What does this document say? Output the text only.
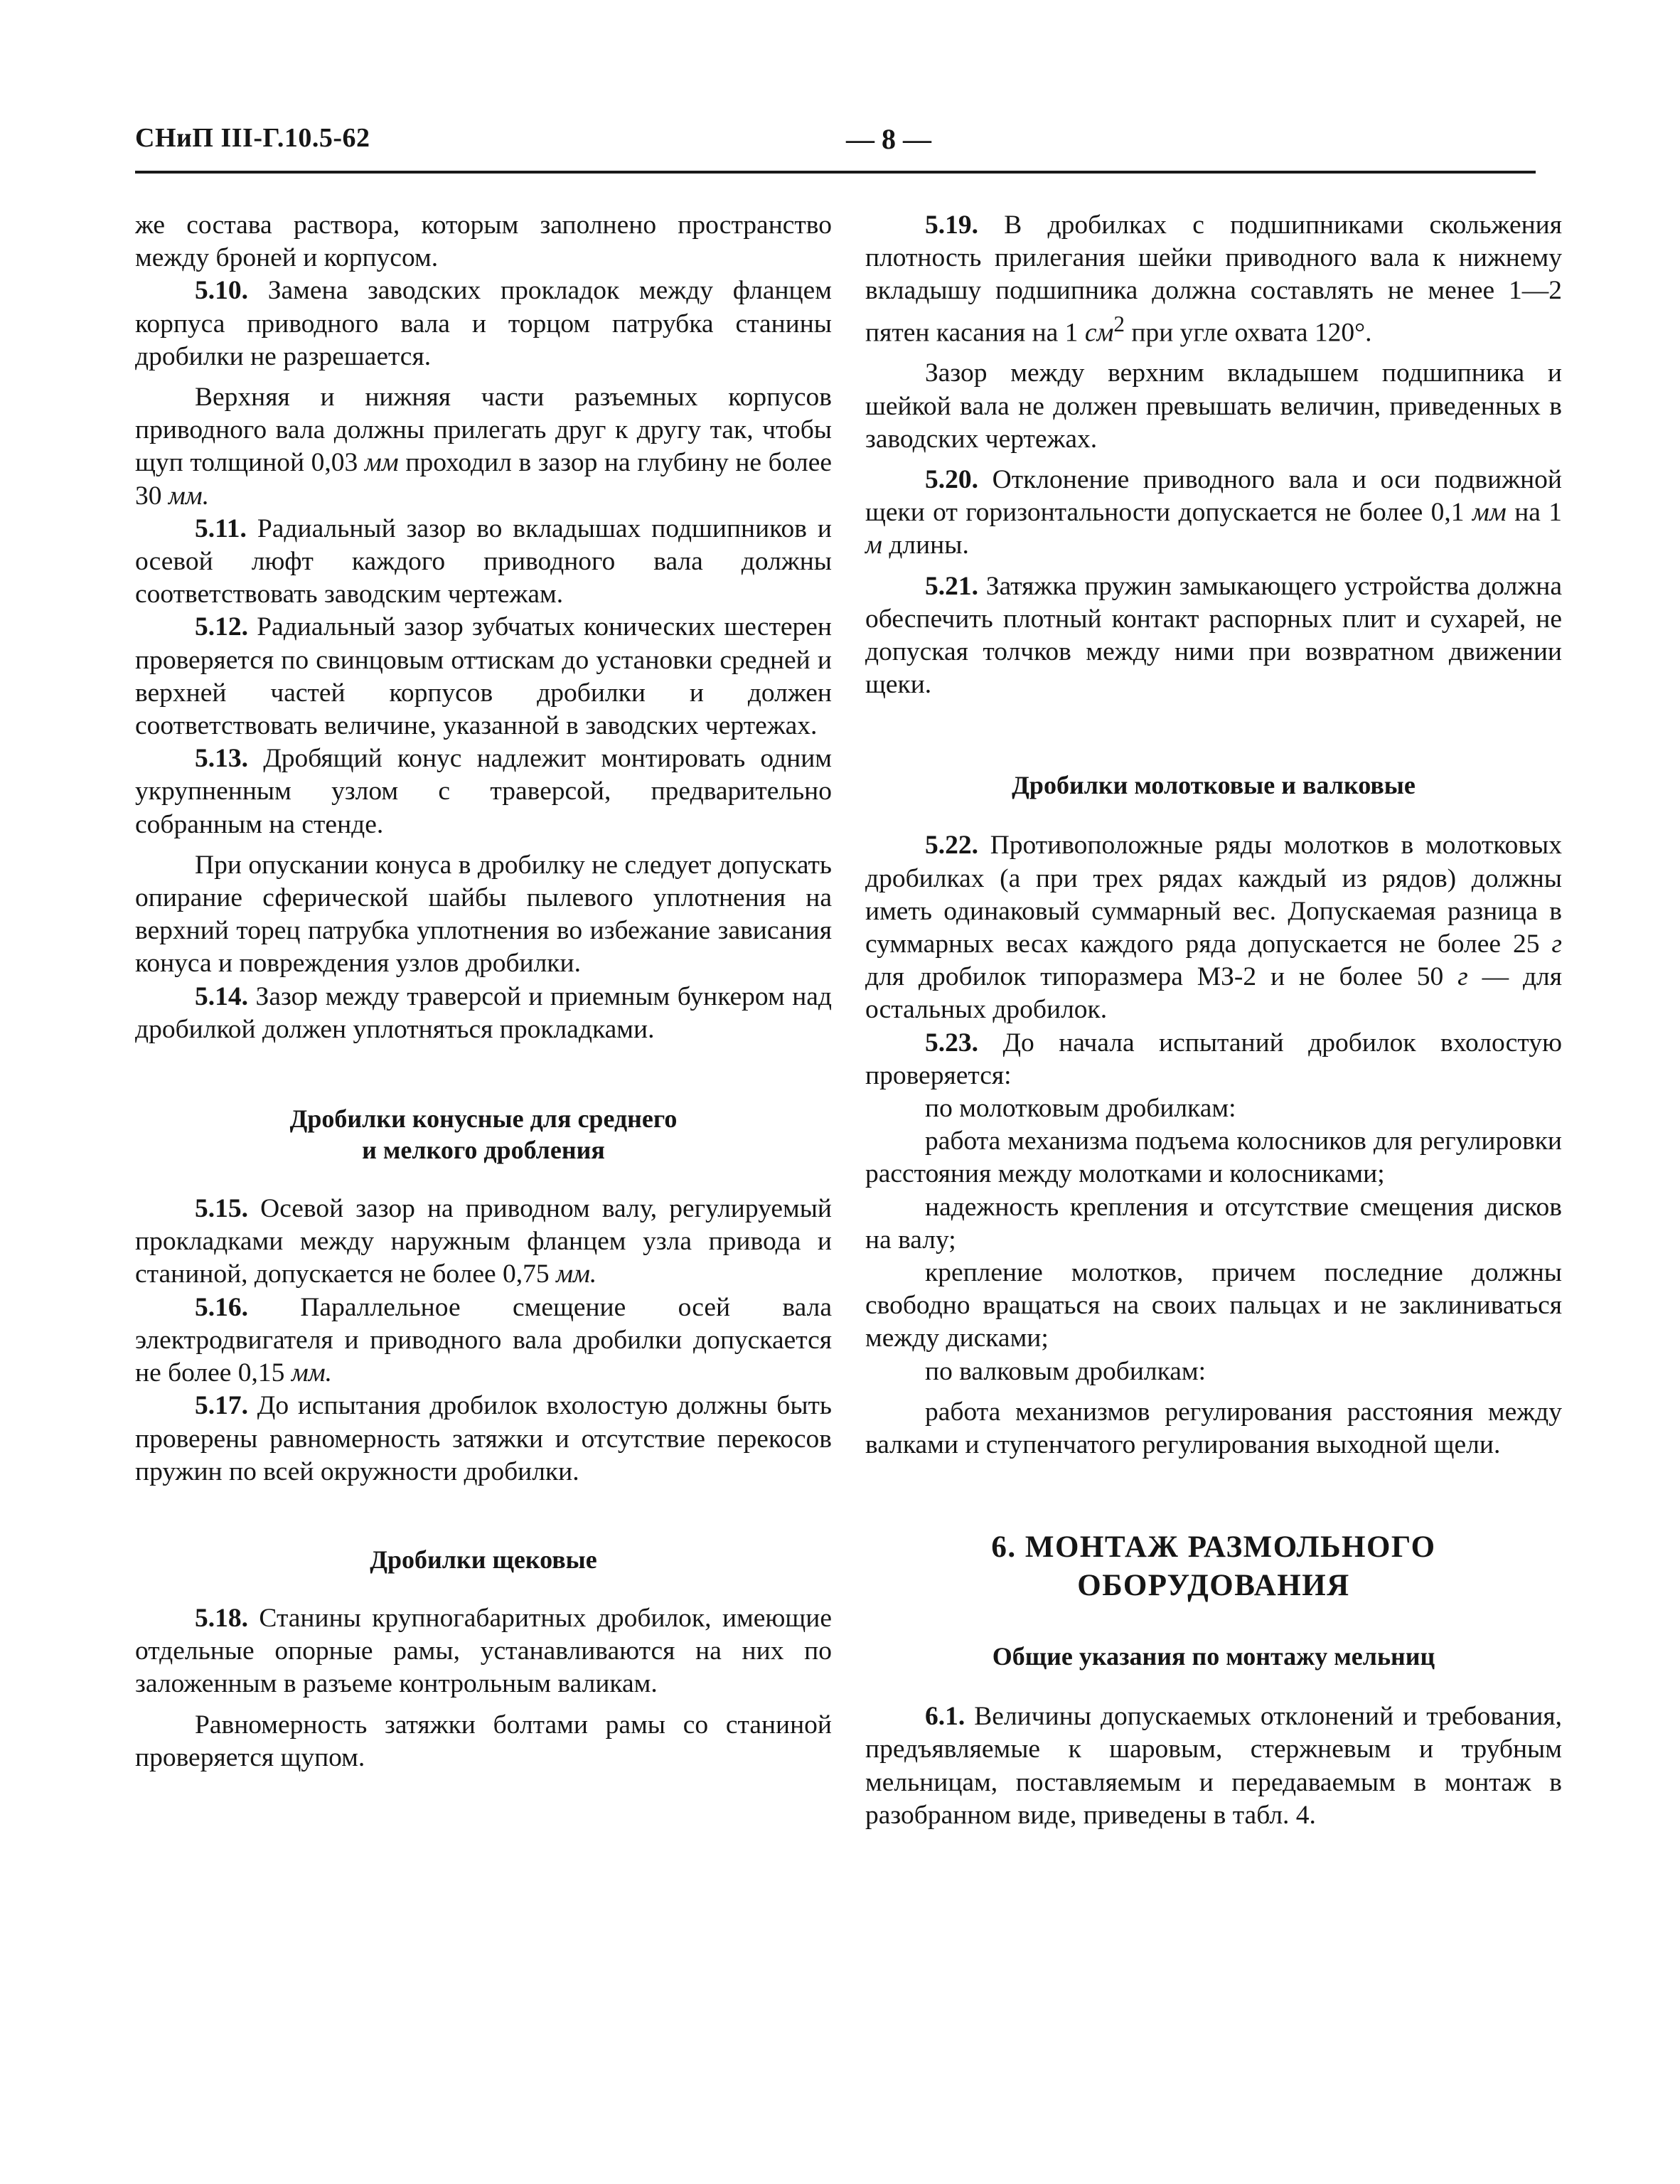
СНиП III-Г.10.5-62	— 8 —

же состава раствора, которым заполнено пространство между броней и корпусом.

5.10. Замена заводских прокладок между фланцем корпуса приводного вала и торцом патрубка станины дробилки не разрешается.

Верхняя и нижняя части разъемных корпусов приводного вала должны прилегать друг к другу так, чтобы щуп толщиной 0,03 мм проходил в зазор на глубину не более 30 мм.

5.11. Радиальный зазор во вкладышах подшипников и осевой люфт каждого приводного вала должны соответствовать заводским чертежам.

5.12. Радиальный зазор зубчатых конических шестерен проверяется по свинцовым оттискам до установки средней и верхней частей корпусов дробилки и должен соответствовать величине, указанной в заводских чертежах.

5.13. Дробящий конус надлежит монтировать одним укрупненным узлом с траверсой, предварительно собранным на стенде.

При опускании конуса в дробилку не следует допускать опирание сферической шайбы пылевого уплотнения на верхний торец патрубка уплотнения во избежание зависания конуса и повреждения узлов дробилки.

5.14. Зазор между траверсой и приемным бункером над дробилкой должен уплотняться прокладками.

Дробилки конусные для среднего
и мелкого дробления

5.15. Осевой зазор на приводном валу, регулируемый прокладками между наружным фланцем узла привода и станиной, допускается не более 0,75 мм.

5.16. Параллельное смещение осей вала электродвигателя и приводного вала дробилки допускается не более 0,15 мм.

5.17. До испытания дробилок вхолостую должны быть проверены равномерность затяжки и отсутствие перекосов пружин по всей окружности дробилки.

Дробилки щековые

5.18. Станины крупногабаритных дробилок, имеющие отдельные опорные рамы, устанавливаются на них по заложенным в разъеме контрольным валикам.

Равномерность затяжки болтами рамы со станиной проверяется щупом.

5.19. В дробилках с подшипниками скольжения плотность прилегания шейки приводного вала к нижнему вкладышу подшипника должна составлять не менее 1—2 пятен касания на 1 $см^2$ при угле охвата 120°.

Зазор между верхним вкладышем подшипника и шейкой вала не должен превышать величин, приведенных в заводских чертежах.

5.20. Отклонение приводного вала и оси подвижной щеки от горизонтальности допускается не более 0,1 мм на 1 м длины.

5.21. Затяжка пружин замыкающего устройства должна обеспечить плотный контакт распорных плит и сухарей, не допуская толчков между ними при возвратном движении щеки.

Дробилки молотковые и валковые

5.22. Противоположные ряды молотков в молотковых дробилках (а при трех рядах каждый из рядов) должны иметь одинаковый суммарный вес. Допускаемая разница в суммарных весах каждого ряда допускается не более 25 г для дробилок типоразмера МЗ-2 и не более 50 г — для остальных дробилок.

5.23. До начала испытаний дробилок вхолостую проверяется:

по молотковым дробилкам:

работа механизма подъема колосников для регулировки расстояния между молотками и колосниками;

надежность крепления и отсутствие смещения дисков на валу;

крепление молотков, причем последние должны свободно вращаться на своих пальцах и не заклиниваться между дисками;

по валковым дробилкам:

работа механизмов регулирования расстояния между валками и ступенчатого регулирования выходной щели.

6. МОНТАЖ РАЗМОЛЬНОГО
ОБОРУДОВАНИЯ
Общие указания по монтажу мельниц

6.1. Величины допускаемых отклонений и требования, предъявляемые к шаровым, стержневым и трубным мельницам, поставляемым и передаваемым в монтаж в разобранном виде, приведены в табл. 4.
